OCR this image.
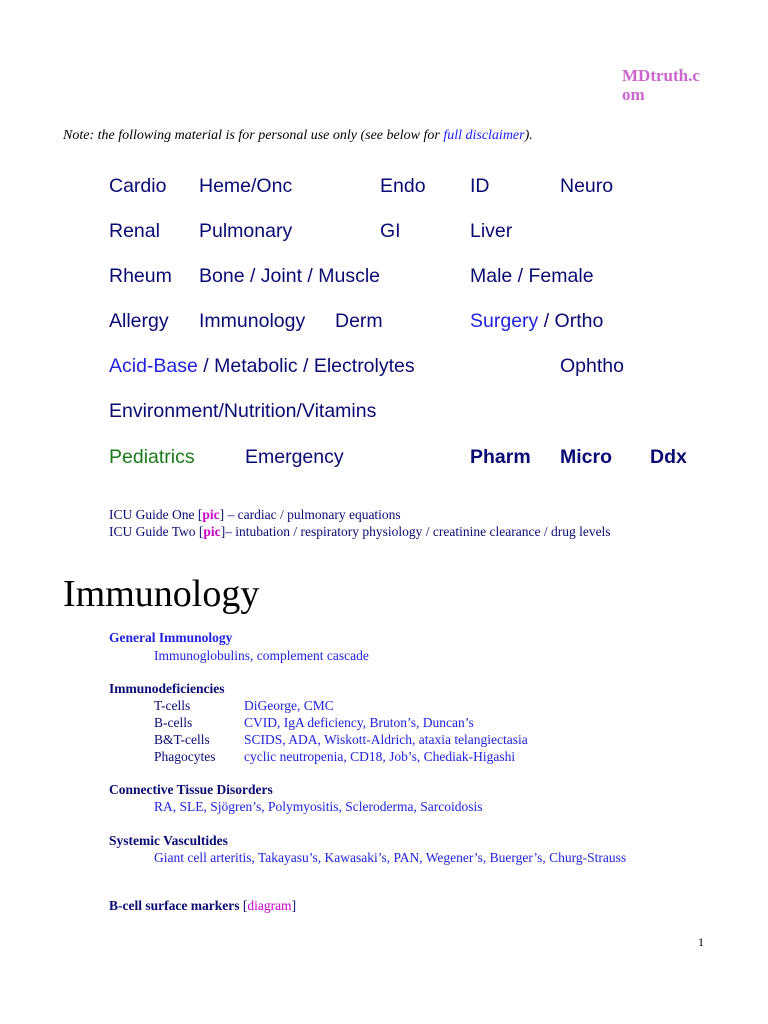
MDtruth.com
Note: the following material is for personal use only (see below for full disclaimer).
Cardio Heme/Onc	Endo ID	Neuro
Renal Pulmonary	GI	Liver
Rheum Bone / Joint / Muscle	Male / Female
Allergy Immunology Derm	Surgery / Ortho
Acid-Base / Metabolic / Electrolytes	Ophtho
Environment/Nutrition/Vitamins
Pediatrics	Emergency	Pharm Micro Ddx
ICU Guide One [pic] – cardiac / pulmonary equations
ICU Guide Two [pic]– intubation / respiratory physiology / creatinine clearance / drug levels
Immunology
General Immunology
Immunoglobulins, complement cascade
Immunodeficiencies
T-cells	DiGeorge, CMC
B-cells	CVID, IgA deficiency, Bruton’s, Duncan’s
B&T-cells	SCIDS, ADA, Wiskott-Aldrich, ataxia telangiectasia
Phagocytes cyclic neutropenia, CD18, Job’s, Chediak-Higashi
Connective Tissue Disorders
RA, SLE, Sjögren’s, Polymyositis, Scleroderma, Sarcoidosis
Systemic Vascultides
Giant cell arteritis, Takayasu’s, Kawasaki’s, PAN, Wegener’s, Buerger’s, Churg-Strauss
B-cell surface markers [diagram]
1
